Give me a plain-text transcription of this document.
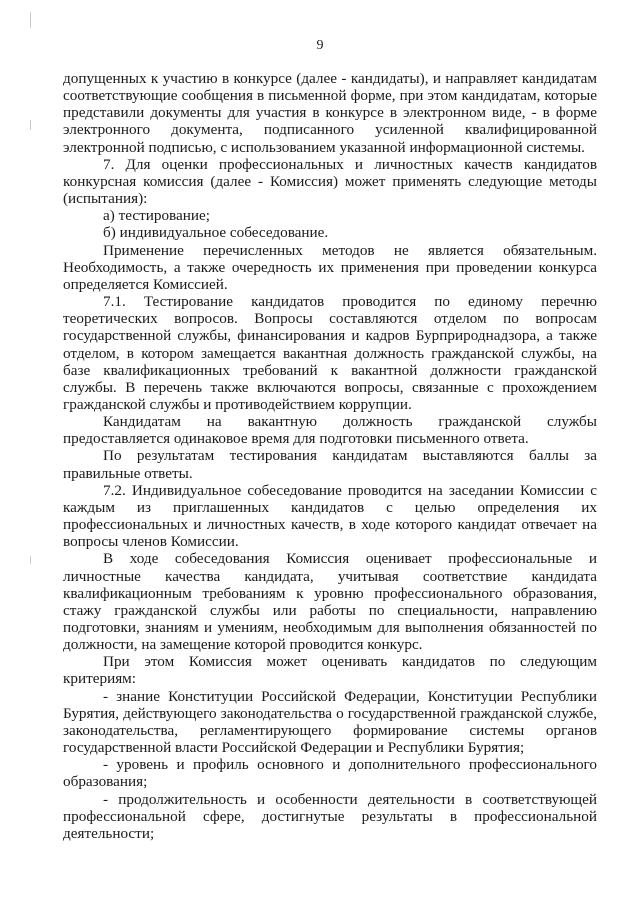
9

допущенных к участию в конкурсе (далее - кандидаты), и направляет кандидатам соответствующие сообщения в письменной форме, при этом кандидатам, которые представили документы для участия в конкурсе в электронном виде, - в форме электронного документа, подписанного усиленной квалифицированной электронной подписью, с использованием указанной информационной системы.

7. Для оценки профессиональных и личностных качеств кандидатов конкурсная комиссия (далее - Комиссия) может применять следующие методы (испытания):

а) тестирование;

б) индивидуальное собеседование.

Применение перечисленных методов не является обязательным. Необходимость, а также очередность их применения при проведении конкурса определяется Комиссией.

7.1. Тестирование кандидатов проводится по единому перечню теоретических вопросов. Вопросы составляются отделом по вопросам государственной службы, финансирования и кадров Бурприроднадзора, а также отделом, в котором замещается вакантная должность гражданской службы, на базе квалификационных требований к вакантной должности гражданской службы. В перечень также включаются вопросы, связанные с прохождением гражданской службы и противодействием коррупции.

Кандидатам на вакантную должность гражданской службы предоставляется одинаковое время для подготовки письменного ответа.

По результатам тестирования кандидатам выставляются баллы за правильные ответы.

7.2. Индивидуальное собеседование проводится на заседании Комиссии с каждым из приглашенных кандидатов с целью определения их профессиональных и личностных качеств, в ходе которого кандидат отвечает на вопросы членов Комиссии.

В ходе собеседования Комиссия оценивает профессиональные и личностные качества кандидата, учитывая соответствие кандидата квалификационным требованиям к уровню профессионального образования, стажу гражданской службы или работы по специальности, направлению подготовки, знаниям и умениям, необходимым для выполнения обязанностей по должности, на замещение которой проводится конкурс.

При этом Комиссия может оценивать кандидатов по следующим критериям:

- знание Конституции Российской Федерации, Конституции Республики Бурятия, действующего законодательства о государственной гражданской службе, законодательства, регламентирующего формирование системы органов государственной власти Российской Федерации и Республики Бурятия;

- уровень и профиль основного и дополнительного профессионального образования;

- продолжительность и особенности деятельности в соответствующей профессиональной сфере, достигнутые результаты в профессиональной деятельности;
